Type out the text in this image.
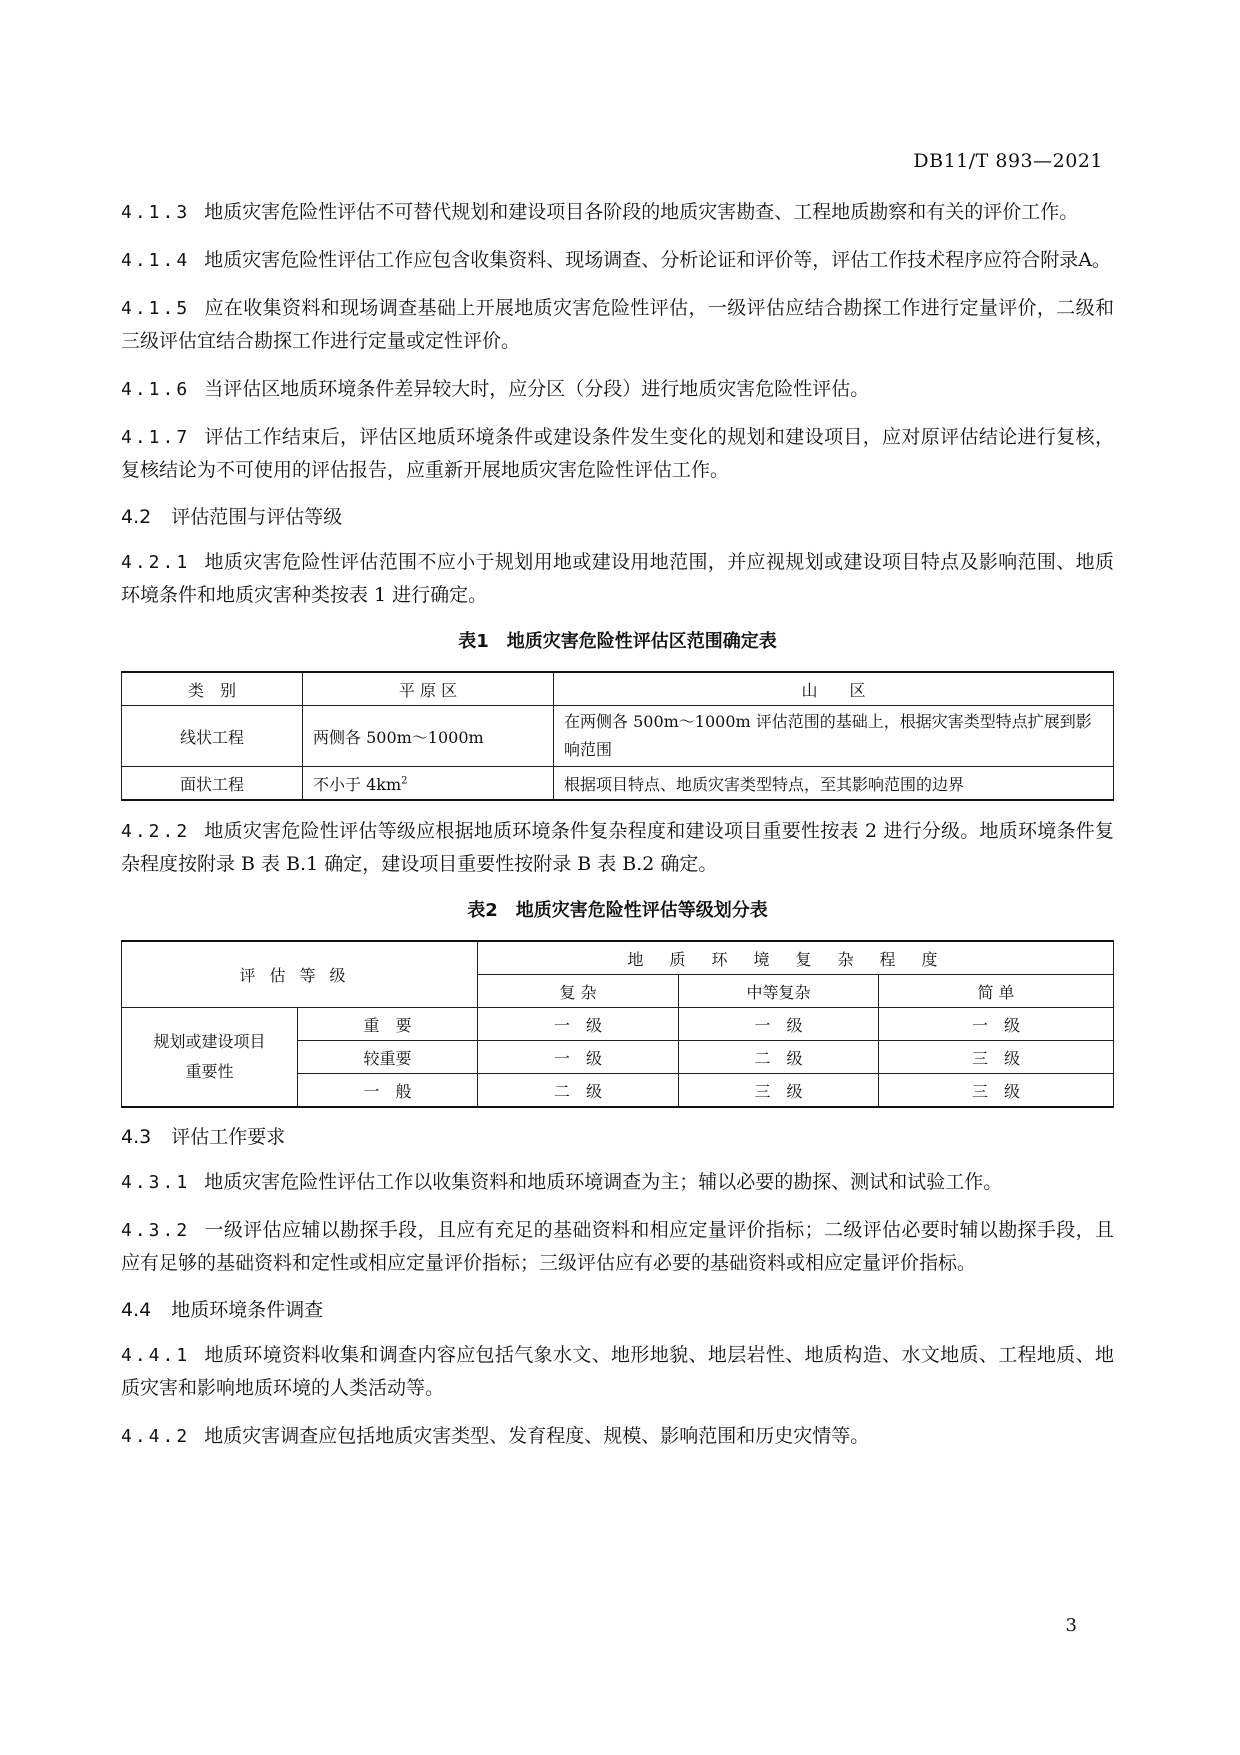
DB11/T 893—2021

4.1.3 地质灾害危险性评估不可替代规划和建设项目各阶段的地质灾害勘查、工程地质勘察和有关的评价工作。

4.1.4 地质灾害危险性评估工作应包含收集资料、现场调查、分析论证和评价等，评估工作技术程序应符合附录A。

4.1.5 应在收集资料和现场调查基础上开展地质灾害危险性评估，一级评估应结合勘探工作进行定量评价，二级和三级评估宜结合勘探工作进行定量或定性评价。

4.1.6 当评估区地质环境条件差异较大时，应分区（分段）进行地质灾害危险性评估。

4.1.7 评估工作结束后，评估区地质环境条件或建设条件发生变化的规划和建设项目，应对原评估结论进行复核，复核结论为不可使用的评估报告，应重新开展地质灾害危险性评估工作。

4.2 评估范围与评估等级

4.2.1 地质灾害危险性评估范围不应小于规划用地或建设用地范围，并应视规划或建设项目特点及影响范围、地质环境条件和地质灾害种类按表 1 进行确定。

表1 地质灾害危险性评估区范围确定表
类　别	平 原 区	山　　区
线状工程	两侧各 500m～1000m	在两侧各 500m～1000m 评估范围的基础上，根据灾害类型特点扩展到影响范围
面状工程	不小于 $4km^2$	根据项目特点、地质灾害类型特点，至其影响范围的边界

4.2.2 地质灾害危险性评估等级应根据地质环境条件复杂程度和建设项目重要性按表 2 进行分级。地质环境条件复杂程度按附录 B 表 B.1 确定，建设项目重要性按附录 B 表 B.2 确定。

表2 地质灾害危险性评估等级划分表
评估等级		地质环境复杂程度		
		复 杂	中等复杂	简 单
规划或建设项目
重要性	重　要	一　级	一　级	一　级
	较重要	一　级	二　级	三　级
	一　般	二　级	三　级	三　级
4.3 评估工作要求

4.3.1 地质灾害危险性评估工作以收集资料和地质环境调查为主；辅以必要的勘探、测试和试验工作。

4.3.2 一级评估应辅以勘探手段，且应有充足的基础资料和相应定量评价指标；二级评估必要时辅以勘探手段，且应有足够的基础资料和定性或相应定量评价指标；三级评估应有必要的基础资料或相应定量评价指标。

4.4 地质环境条件调查

4.4.1 地质环境资料收集和调查内容应包括气象水文、地形地貌、地层岩性、地质构造、水文地质、工程地质、地质灾害和影响地质环境的人类活动等。

4.4.2 地质灾害调查应包括地质灾害类型、发育程度、规模、影响范围和历史灾情等。

3
